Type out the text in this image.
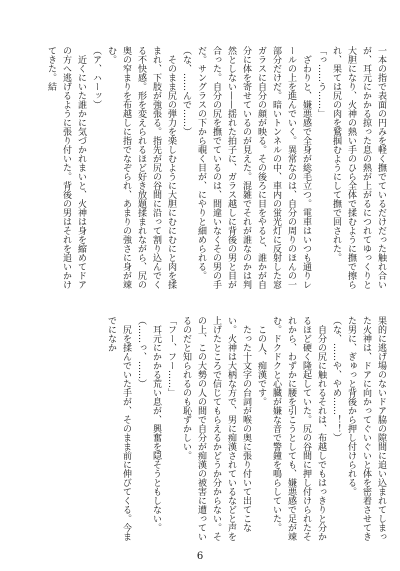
一本の指で表面の円みを軽く撫でているだけだった触れ合いが、耳元にかかる掠った息の熱が上がるにつれてゆっくりと大胆になり、火神の熱い手のひら全体で揉むように撫で擦られ、果ては尻の肉を鷲掴むようにして撫で回された。

「っ……う……」

　ざわりと、嫌悪感で全身が総毛立つ。電車はいつも通りレールの上を進んでいく。異常なのは、自分の周りのほんの一部分だけだ。暗いトンネルの中、車内の蛍光灯に反射した窓ガラスに自分の顔が映る。その後ろに目をやると、誰かが自分に体を寄せているのが見えた。混雑でそれが誰なのかは判然としない——揺れた拍子に、ガラス越しに背後の男と目が合った。自分の尻を撫でているのは、間違いなくその男の手だ。サングラスの下から覗く目が、にやりと細められる。

（な、……んで……）

　そのまま尻の弾力を楽しむように大胆にむにむにと肉を揉まれ、下肢が強張る。指先が尻の谷間に沿って割り込んでくる不快感。形を変えられるほど好き放題揉まれながら、尻の奥の窄まりを布越しに指でなぞられ、あまりの強さに身が竦む。

（ア、ハーッ）

　近くにいた誰かに気づかれまいと、火神は身を縮めてドアの方へ逃げるように張り付いた。背後の男はそれを追いかけてきた。結

果的に逃げ場のないドア脇の隙間に追い込まれてしまった火神は、ドアに向かってぐいぐいと体を密着させてきた男に、ぎゅっと背後から押し付けられる。

（な、……や、やめ……！！）

　自分の尻に触れるそれは、布越しでもはっきりと分かるほど硬く隆起していた。尻の谷間に押し付けられたそれから、わずかに腰を引こうとしても、嫌悪感で足が竦む。ドクドクと心臓が嫌な音で警鐘を鳴らしていた。

　この人、痴漢です。

　たった十文字の台詞が喉の奥に張り付いて出てこない。火神は大柄な方で、男に痴漢されているなどと声を上げたところで信じてもらえるかどうか分からない。その上、この大勢の人の間で自分が痴漢の被害に遭っているのだと知られるのも恥ずかしい。

「フー、フー……」

　耳元にかかる荒い息が、興奮を隠そうともしない。

（……っ、……）

　尻を揉んでいた手が、そのまま前に伸びてくる。今までになか

6
